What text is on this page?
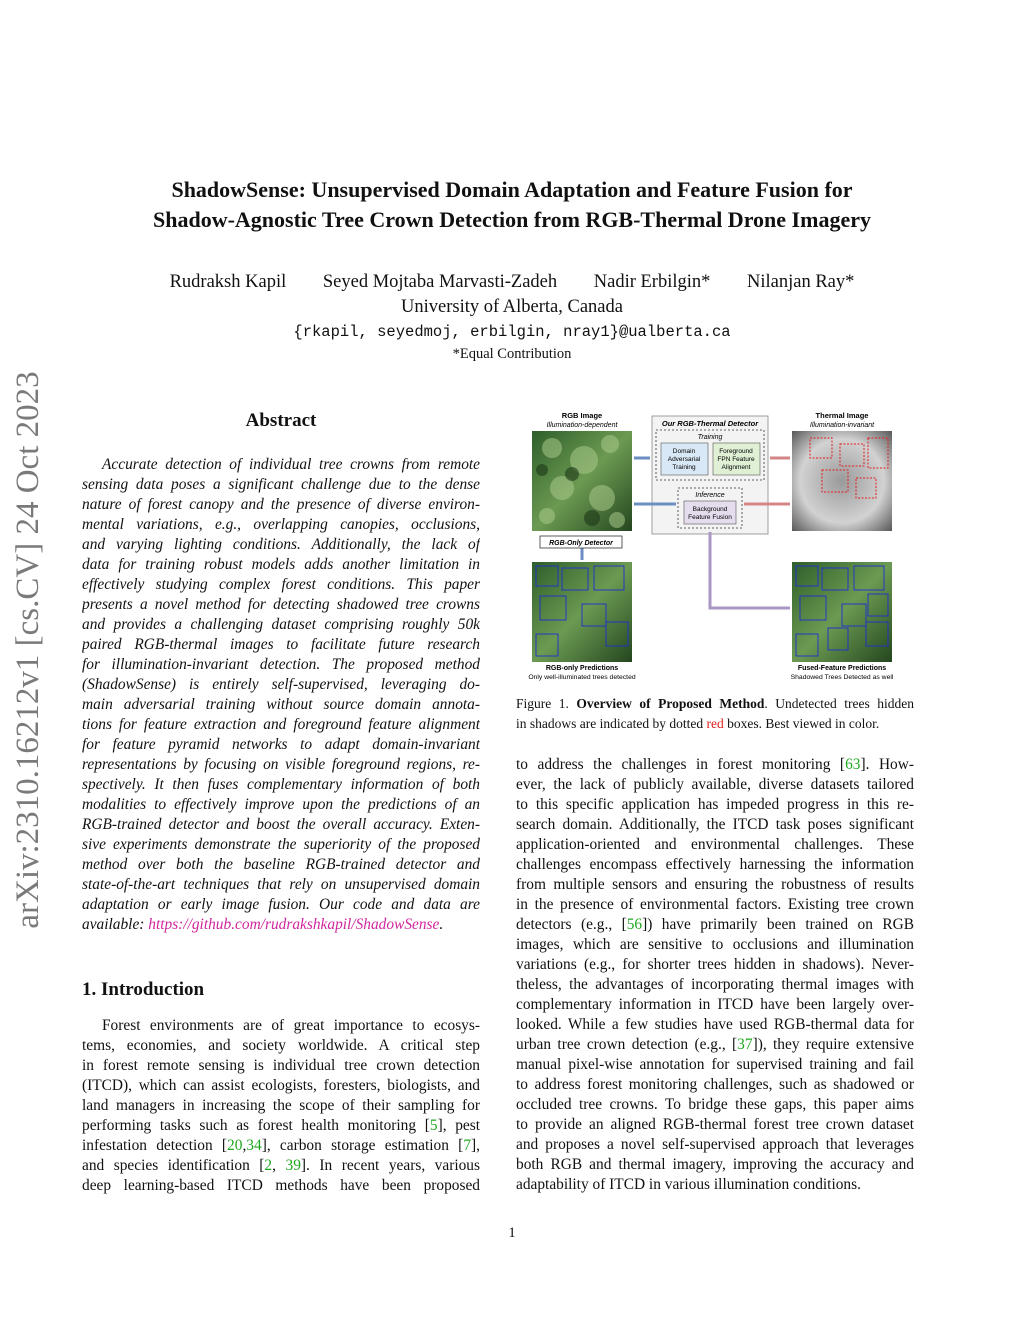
arXiv:2310.16212v1 [cs.CV] 24 Oct 2023
ShadowSense: Unsupervised Domain Adaptation and Feature Fusion for
Shadow-Agnostic Tree Crown Detection from RGB-Thermal Drone Imagery
Rudraksh Kapil Seyed Mojtaba Marvasti-Zadeh Nadir Erbilgin* Nilanjan Ray*
University of Alberta, Canada
{rkapil, seyedmoj, erbilgin, nray1}@ualberta.ca
*Equal Contribution
Abstract
Accurate detection of individual tree crowns from remote
sensing data poses a significant challenge due to the dense
nature of forest canopy and the presence of diverse environ-
mental variations, e.g., overlapping canopies, occlusions,
and varying lighting conditions. Additionally, the lack of
data for training robust models adds another limitation in
effectively studying complex forest conditions. This paper
presents a novel method for detecting shadowed tree crowns
and provides a challenging dataset comprising roughly 50k
paired RGB-thermal images to facilitate future research
for illumination-invariant detection. The proposed method
(ShadowSense) is entirely self-supervised, leveraging do-
main adversarial training without source domain annota-
tions for feature extraction and foreground feature alignment
for feature pyramid networks to adapt domain-invariant
representations by focusing on visible foreground regions, re-
spectively. It then fuses complementary information of both
modalities to effectively improve upon the predictions of an
RGB-trained detector and boost the overall accuracy. Exten-
sive experiments demonstrate the superiority of the proposed
method over both the baseline RGB-trained detector and
state-of-the-art techniques that rely on unsupervised domain
adaptation or early image fusion. Our code and data are
available: https://github.com/rudrakshkapil/ShadowSense.
1. Introduction
Forest environments are of great importance to ecosys-
tems, economies, and society worldwide. A critical step
in forest remote sensing is individual tree crown detection
(ITCD), which can assist ecologists, foresters, biologists, and
land managers in increasing the scope of their sampling for
performing tasks such as forest health monitoring [5], pest
infestation detection [20,34], carbon storage estimation [7],
and species identification [2, 39]. In recent years, various
deep learning-based ITCD methods have been proposed
RGB Image
Illumination-dependent	Our RGB-Thermal Detector
Training
Domain
Adversarial
Training
Foreground
FPN Feature
Alignment
Inference
Background
Feature Fusion
Thermal Image
Illumination-invariant
RGB-Only Detector
RGB-only Predictions
Only well-illuminated trees detected
Fused-Feature Predictions
Shadowed Trees Detected as well
Figure 1. Overview of Proposed Method. Undetected trees hidden
in shadows are indicated by dotted red boxes. Best viewed in color.
to address the challenges in forest monitoring [63]. How-
ever, the lack of publicly available, diverse datasets tailored
to this specific application has impeded progress in this re-
search domain. Additionally, the ITCD task poses significant
application-oriented and environmental challenges. These
challenges encompass effectively harnessing the information
from multiple sensors and ensuring the robustness of results
in the presence of environmental factors. Existing tree crown
detectors (e.g., [56]) have primarily been trained on RGB
images, which are sensitive to occlusions and illumination
variations (e.g., for shorter trees hidden in shadows). Never-
theless, the advantages of incorporating thermal images with
complementary information in ITCD have been largely over-
looked. While a few studies have used RGB-thermal data for
urban tree crown detection (e.g., [37]), they require extensive
manual pixel-wise annotation for supervised training and fail
to address forest monitoring challenges, such as shadowed or
occluded tree crowns. To bridge these gaps, this paper aims
to provide an aligned RGB-thermal forest tree crown dataset
and proposes a novel self-supervised approach that leverages
both RGB and thermal imagery, improving the accuracy and
adaptability of ITCD in various illumination conditions.
1
